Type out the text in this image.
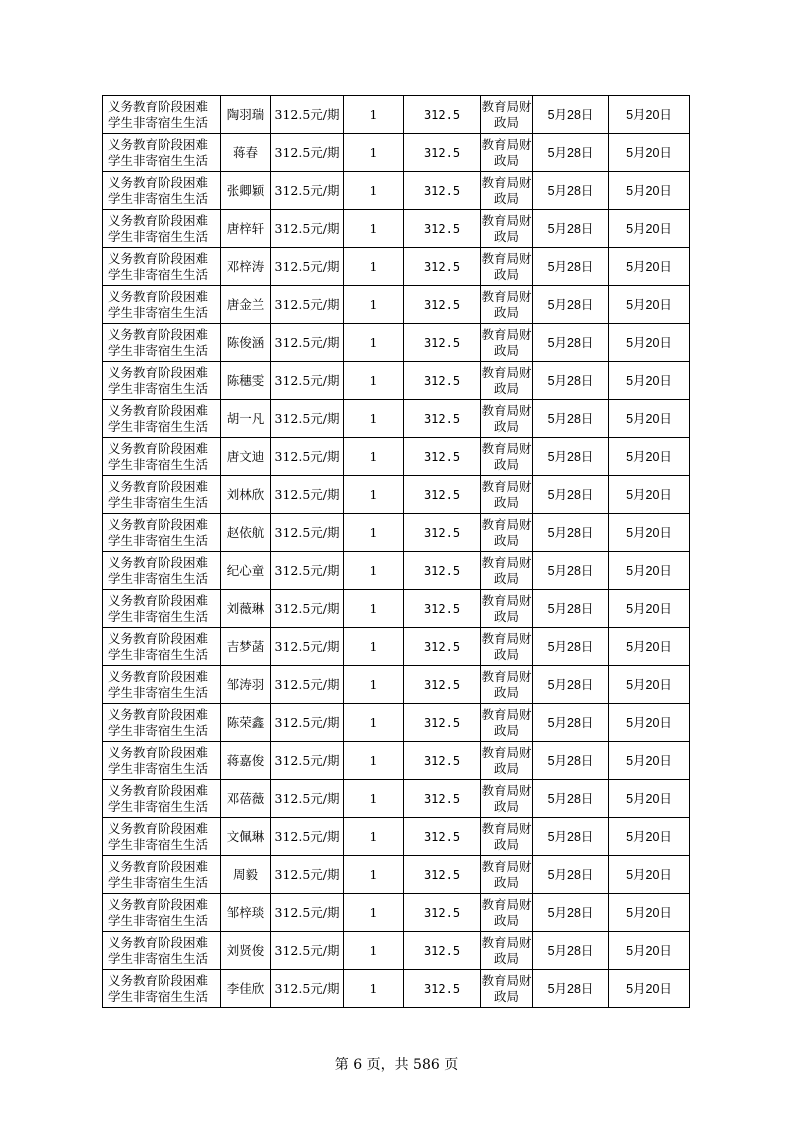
义务教育阶段困难学生非寄宿生生活	陶羽瑞	312.5元/期	1	312.5	教育局财政局	5月28日	5月20日
义务教育阶段困难学生非寄宿生生活	蒋春	312.5元/期	1	312.5	教育局财政局	5月28日	5月20日
义务教育阶段困难学生非寄宿生生活	张卿颖	312.5元/期	1	312.5	教育局财政局	5月28日	5月20日
义务教育阶段困难学生非寄宿生生活	唐梓轩	312.5元/期	1	312.5	教育局财政局	5月28日	5月20日
义务教育阶段困难学生非寄宿生生活	邓梓涛	312.5元/期	1	312.5	教育局财政局	5月28日	5月20日
义务教育阶段困难学生非寄宿生生活	唐金兰	312.5元/期	1	312.5	教育局财政局	5月28日	5月20日
义务教育阶段困难学生非寄宿生生活	陈俊涵	312.5元/期	1	312.5	教育局财政局	5月28日	5月20日
义务教育阶段困难学生非寄宿生生活	陈穗雯	312.5元/期	1	312.5	教育局财政局	5月28日	5月20日
义务教育阶段困难学生非寄宿生生活	胡一凡	312.5元/期	1	312.5	教育局财政局	5月28日	5月20日
义务教育阶段困难学生非寄宿生生活	唐文迪	312.5元/期	1	312.5	教育局财政局	5月28日	5月20日
义务教育阶段困难学生非寄宿生生活	刘林欣	312.5元/期	1	312.5	教育局财政局	5月28日	5月20日
义务教育阶段困难学生非寄宿生生活	赵依航	312.5元/期	1	312.5	教育局财政局	5月28日	5月20日
义务教育阶段困难学生非寄宿生生活	纪心童	312.5元/期	1	312.5	教育局财政局	5月28日	5月20日
义务教育阶段困难学生非寄宿生生活	刘薇琳	312.5元/期	1	312.5	教育局财政局	5月28日	5月20日
义务教育阶段困难学生非寄宿生生活	吉梦菡	312.5元/期	1	312.5	教育局财政局	5月28日	5月20日
义务教育阶段困难学生非寄宿生生活	邹涛羽	312.5元/期	1	312.5	教育局财政局	5月28日	5月20日
义务教育阶段困难学生非寄宿生生活	陈荣鑫	312.5元/期	1	312.5	教育局财政局	5月28日	5月20日
义务教育阶段困难学生非寄宿生生活	蒋嘉俊	312.5元/期	1	312.5	教育局财政局	5月28日	5月20日
义务教育阶段困难学生非寄宿生生活	邓蓓薇	312.5元/期	1	312.5	教育局财政局	5月28日	5月20日
义务教育阶段困难学生非寄宿生生活	文佩琳	312.5元/期	1	312.5	教育局财政局	5月28日	5月20日
义务教育阶段困难学生非寄宿生生活	周毅	312.5元/期	1	312.5	教育局财政局	5月28日	5月20日
义务教育阶段困难学生非寄宿生生活	邹梓琰	312.5元/期	1	312.5	教育局财政局	5月28日	5月20日
义务教育阶段困难学生非寄宿生生活	刘贤俊	312.5元/期	1	312.5	教育局财政局	5月28日	5月20日
义务教育阶段困难学生非寄宿生生活	李佳欣	312.5元/期	1	312.5	教育局财政局	5月28日	5月20日
第 6 页，共 586 页
